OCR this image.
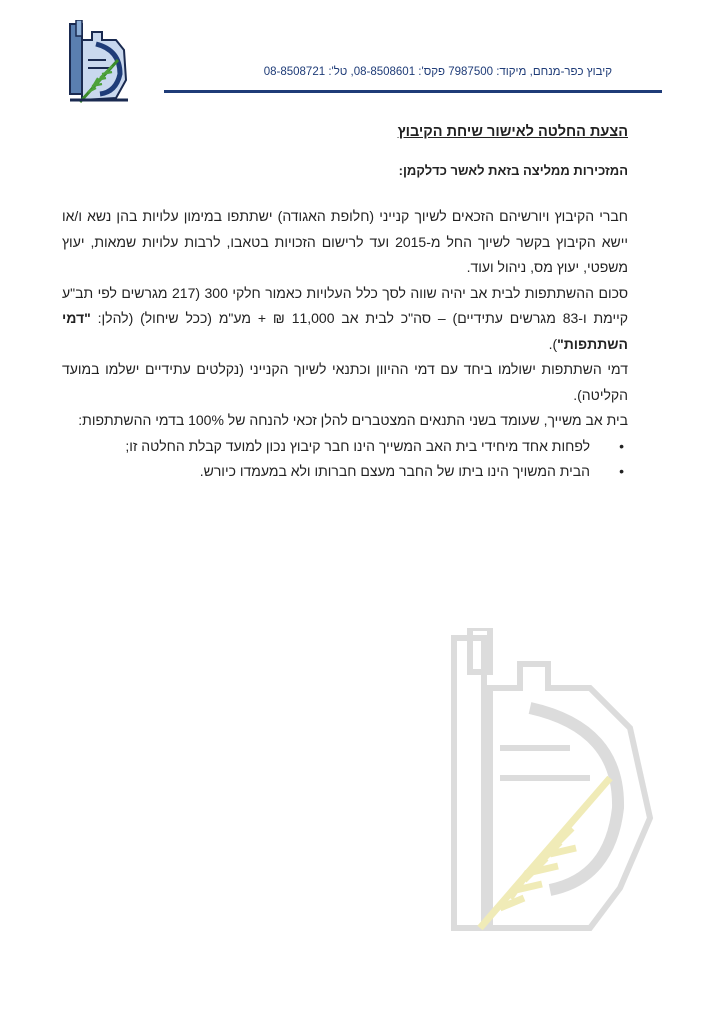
קיבוץ כפר-מנחם, מיקוד: 7987500 פקס': 08-8508601, טל': 08-8508721

הצעת החלטה לאישור שיחת הקיבוץ

המזכירות ממליצה בזאת לאשר כדלקמן:

חברי הקיבוץ ויורשיהם הזכאים לשיוך קנייני (חלופת האגודה) ישתתפו במימון עלויות בהן נשא ו/או יישא הקיבוץ בקשר לשיוך החל מ-2015 ועד לרישום הזכויות בטאבו, לרבות עלויות שמאות, יעוץ משפטי, יעוץ מס, ניהול ועוד.

סכום ההשתתפות לבית אב יהיה שווה לסך כלל העלויות כאמור חלקי 300 (217 מגרשים לפי תב"ע קיימת ו-83 מגרשים עתידיים) – סה"כ לבית אב 11,000 ₪ + מע"מ (ככל שיחול) (להלן: "דמי השתתפות").

דמי השתתפות ישולמו ביחד עם דמי ההיוון וכתנאי לשיוך הקנייני (נקלטים עתידיים ישלמו במועד הקליטה).

בית אב משייך, שעומד בשני התנאים המצטברים להלן זכאי להנחה של 100% בדמי ההשתתפות:

•
לפחות אחד מיחידי בית האב המשייך הינו חבר קיבוץ נכון למועד קבלת החלטה זו;
•
הבית המשויך הינו ביתו של החבר מעצם חברותו ולא במעמדו כיורש.
